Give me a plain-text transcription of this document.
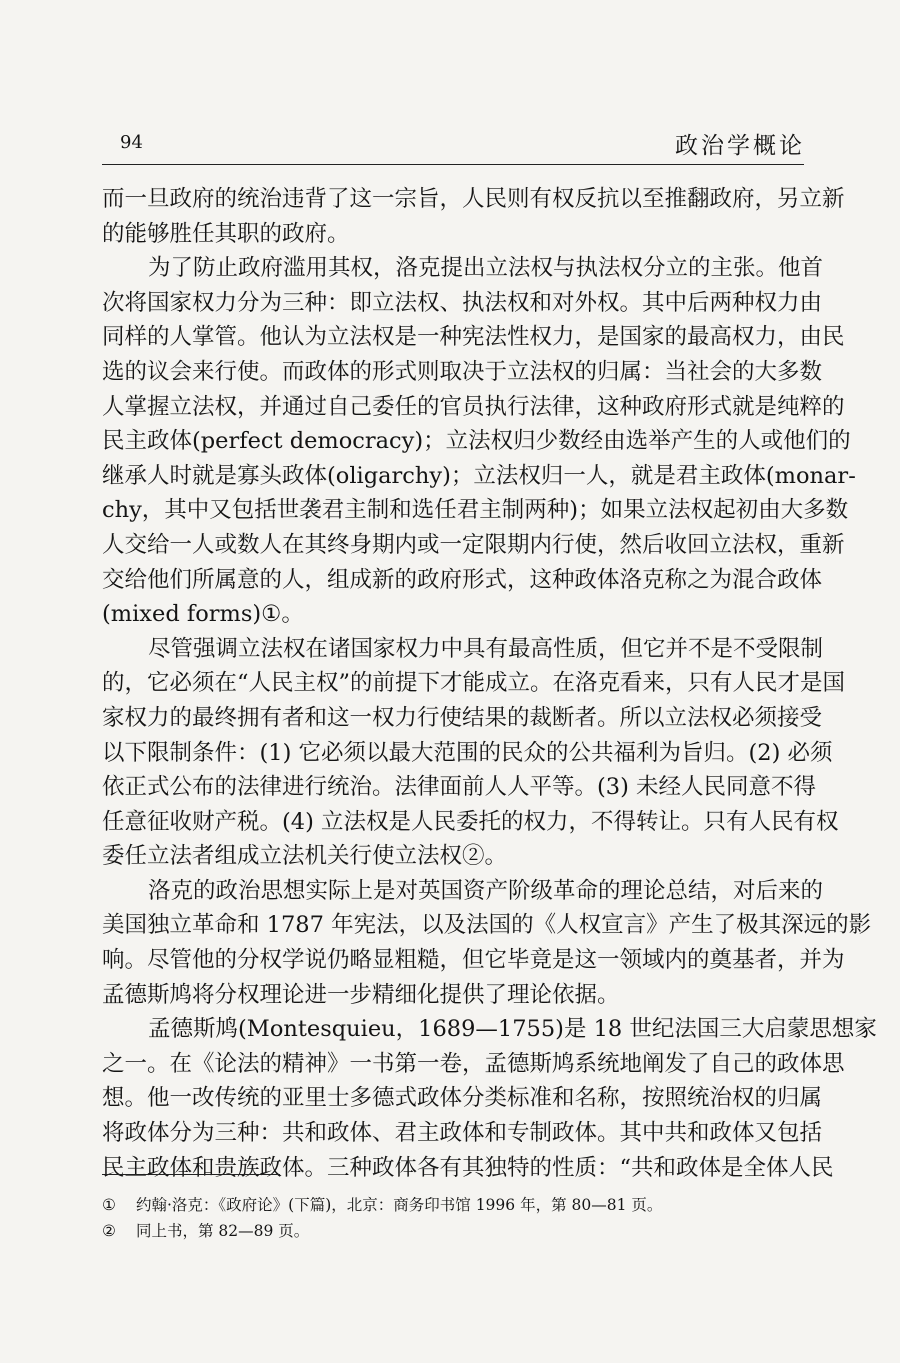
94	政治学概论
而一旦政府的统治违背了这一宗旨，人民则有权反抗以至推翻政府，另立新
的能够胜任其职的政府。
为了防止政府滥用其权，洛克提出立法权与执法权分立的主张。他首
次将国家权力分为三种：即立法权、执法权和对外权。其中后两种权力由
同样的人掌管。他认为立法权是一种宪法性权力，是国家的最高权力，由民
选的议会来行使。而政体的形式则取决于立法权的归属：当社会的大多数
人掌握立法权，并通过自己委任的官员执行法律，这种政府形式就是纯粹的
民主政体(perfect democracy)；立法权归少数经由选举产生的人或他们的
继承人时就是寡头政体(oligarchy)；立法权归一人，就是君主政体(monar-
chy，其中又包括世袭君主制和选任君主制两种)；如果立法权起初由大多数
人交给一人或数人在其终身期内或一定限期内行使，然后收回立法权，重新
交给他们所属意的人，组成新的政府形式，这种政体洛克称之为混合政体
(mixed forms)①。
尽管强调立法权在诸国家权力中具有最高性质，但它并不是不受限制
的，它必须在“人民主权”的前提下才能成立。在洛克看来，只有人民才是国
家权力的最终拥有者和这一权力行使结果的裁断者。所以立法权必须接受
以下限制条件：(1) 它必须以最大范围的民众的公共福利为旨归。(2) 必须
依正式公布的法律进行统治。法律面前人人平等。(3) 未经人民同意不得
任意征收财产税。(4) 立法权是人民委托的权力，不得转让。只有人民有权
委任立法者组成立法机关行使立法权②。
洛克的政治思想实际上是对英国资产阶级革命的理论总结，对后来的
美国独立革命和 1787 年宪法，以及法国的《人权宣言》产生了极其深远的影
响。尽管他的分权学说仍略显粗糙，但它毕竟是这一领域内的奠基者，并为
孟德斯鸠将分权理论进一步精细化提供了理论依据。
孟德斯鸠(Montesquieu，1689—1755)是 18 世纪法国三大启蒙思想家
之一。在《论法的精神》一书第一卷，孟德斯鸠系统地阐发了自己的政体思
想。他一改传统的亚里士多德式政体分类标准和名称，按照统治权的归属
将政体分为三种：共和政体、君主政体和专制政体。其中共和政体又包括
民主政体和贵族政体。三种政体各有其独特的性质：“共和政体是全体人民
① 约翰·洛克：《政府论》(下篇)，北京：商务印书馆 1996 年，第 80—81 页。
② 同上书，第 82—89 页。
